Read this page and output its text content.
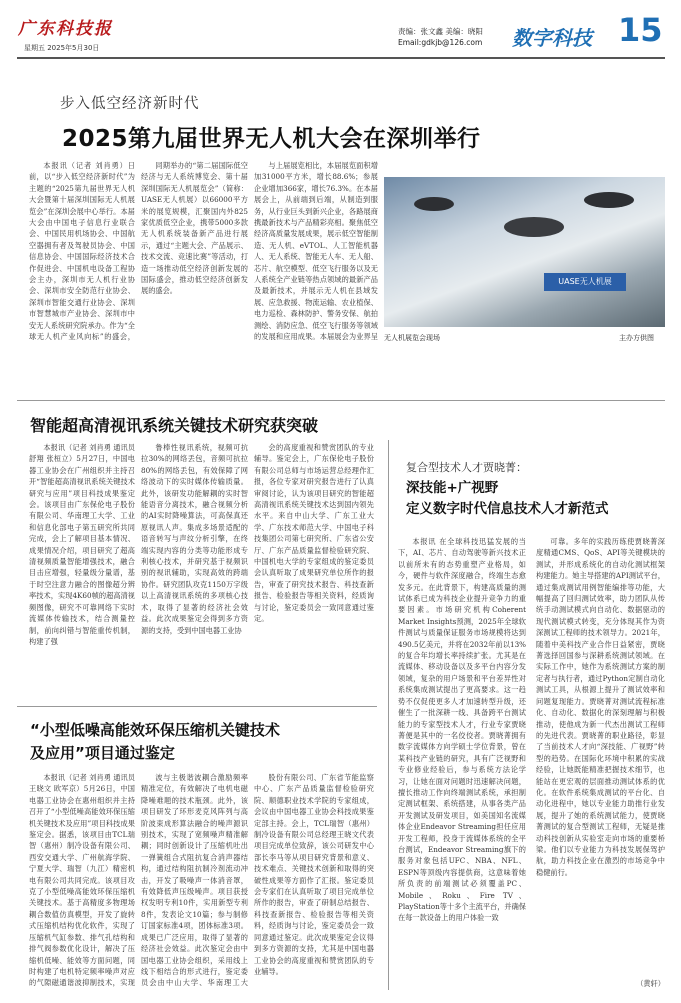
广东科技报
星期五 2025年5月30日
责编：张文鑫 美编：晓阳
Email:gdkjb@126.com 数字科技 15
步入低空经济新时代
2025第九届世界无人机大会在深圳举行

本报讯（记者 刘肖勇）日前，以“步入低空经济新时代”为主题的“2025第九届世界无人机大会暨第十届深圳国际无人机展览会”在深圳会展中心举行。本届大会由中国电子信息行业联合会、中国民用机场协会、中国航空器拥有者及驾驶员协会、中国信息协会、中国国际经济技术合作促进会、中国机电设备工程协会主办，深圳市无人机行业协会、深圳市安全防范行业协会、深圳市智能交通行业协会、深圳市智慧城市产业协会、深圳市中安无人系统研究院承办。作为“全球无人机产业风向标”的盛会，

同期举办的“第二届国际低空经济与无人系统博览会、第十届深圳国际无人机展览会”（简称：UASE无人机展）以66000平方米的展览规模，汇聚国内外825家优质低空企业，携带5000多款无人机系统装备新产品进行展示，通过“主题大会、产品展示、技术交流、竞速比赛”等活动，打造一场推动低空经济创新发展的国际盛会，推动低空经济创新发展的盛会。

与上届展览相比，本届展览面积增加31000平方米，增长88.6%；参展企业增加366家，增长76.3%。在本届展会上，从前端到后端，从制造到服务，从行业巨头到新兴企业，各路展商携最新技术与产品精彩亮相。聚焦低空经济高质量发展成果，展示低空智能制造、无人机、eVTOL、人工智能机器人、无人系统、智能无人车、无人船、芯片、航空模型、低空飞行服务以及无人系统全产业链等热点领域的最新产品及最新技术，并展示无人机在县域发展、应急救援、物流运输、农业植保、电力巡检、森林防护、警务安保、航拍测绘、消防应急、低空飞行服务等领域的发展和应用成果。本届展会为业界呈

UASE无人机展
无人机展览会现场	主办方供图
智能超高清视讯系统关键技术研究获突破

本报讯（记者 刘肖勇 通讯员 舒翔 张桓立）5月27日，中国电器工业协会在广州组织并主持召开“智能超高清视讯系统关键技术研究与应用”项目科技成果鉴定会。该项目由广东保伦电子股份有限公司、华南理工大学、工业和信息化部电子第五研究所共同完成，会上了解项目基本情况、成果情况介绍，项目研究了超高清视频质量智能增强技术，融合目击应增强，轻量级分量谱，基于时空注意力融合的图像超分辨率技术，实现4K60帧的超高清视频图像，研究不可靠网络下实时流媒体传输技术，结合测量控制，前向纠错与智能重传机制，构建了强

鲁棒性视讯系统，视频可抗拉30%的网络丢包，音频可抗拉80%的网络丢包，有效保障了网络波动下的实时媒体传输质量。此外，该研发功能解耦的实时智能语音分离技术，融合视频分析的AI实时降噪算法，可高保真还原视讯人声。集成多场景适配的语音转写与声纹分析引擎，在终端实现内容的分类等功能形成专利核心技术，并研究基于视频识别的视讯辅助，实现高效的跨端协作。研究团队攻克1150万字级以上高清视讯系统的多项核心技术，取得了显著的经济社会效益。此次成果鉴定会得到多方资源的支持，受到中国电器工业协

会的高度重视和赞赏团队的专业辅导。鉴定会上，广东保伦电子股份有限公司总师与市场运营总经理作汇报，各位专家对研究报告进行了认真审阅讨论，认为该项目研究的智能超高清视讯系统关键技术达到国内领先水平。来自中山大学、广东工业大学、广东技术师范大学、中国电子科技集团公司第七研究所、广东省公安厅、广东产品质量监督检验研究院、中国机电大学的专家组成的鉴定委员会认真听取了成果研究单位所作的报告，审查了研究技术报告、科技查新报告、检验报告等相关资料，经质询与讨论，鉴定委员会一致同意通过鉴定。

复合型技术人才贾晓菁：
深技能+广视野
定义数字时代信息技术人才新范式

本报讯 在全球科技迅猛发展的当下，AI、芯片、自动驾驶等新兴技术正以前所未有的态势重塑产业格局，如今，硬件与软件深度融合，终端生态愈发多元。在此背景下，构建高质量的测试体系已成为科技企业提升竞争力的重要因素。市场研究机构Coherent Market Insights预测，2025年全球软件测试与质量保证服务市场规模将达到490.5亿美元，并将在2032年前以13%的复合年均增长率持续扩张。尤其是在流媒体、移动设备以及多平台内容分发领域，复杂的用户场景和平台差异性对系统集成测试提出了更高要求。这一趋势不仅促使更多人才加速转型升级，还催生了一批深耕一线、具备跨平台测试能力的专家型技术人才，行业专家贾晓菁便是其中的一名佼佼者。贾晓菁拥有数字流媒体方向学硕士学位背景，曾在某科技产业链的研究，具有广泛视野和专业修业经验后，参与系统方法论学习，让她在面对问题时迅速解决问题，擅长推动工作向终端测试系统，承担制定测试框架、系统搭建，从事各类产品开发测试及研发项目，如美国知名流媒体企业Endeavor Streaming担任应用开发工程师，投身于流媒体系统的全平台测试，Endeavor Streaming旗下的服务对象包括UFC、NBA、NFL、ESPN等顶级内容提供商，这意味着她所负责的前端测试必须覆盖PC、Mobile、Roku、Fire TV、PlayStation等十多个主流平台，并确保在每一款设备上的用户体验一致

可靠。多年的实践历练使贾晓菁深度精通CMS、QoS、API等关键模块的测试，并形成系统化的自动化测试框架构建能力。她主导搭建的API测试平台，通过集成测试用例智能编排等功能，大幅提高了回归测试效率，助力团队从传统手动测试模式向自动化、数据驱动的现代测试模式转变，充分体现其作为资深测试工程师的技术领导力。2021年，随着中美科技产业合作日益紧密，贾晓菁选择回国参与深耕系统测试领域。在实际工作中，她作为系统测试方案的制定者与执行者，通过Python定制自动化测试工具，从根源上提升了测试效率和问题复现能力。贾晓菁对测试流程标准化、自动化、数据化的深刻理解与积极推动，使他成为新一代杰出测试工程师的先进代表。贾晓菁的职业路径，彰显了当前技术人才向“深技能、广视野”转型的趋势。在国际化环境中积累的实战经验，让她既能精准把握技术细节，也能站在更宏观的层面推动测试体系的优化。在软件系统集成测试的平台化、自动化进程中，她以专业能力助推行业发展，提升了她的系统测试能力，使贾晓菁测试的复合型测试工程师，无疑是推动科技创新从实验室走向市场的重要桥梁。他们以专业能力为科技发展保驾护航，助力科技企业在激烈的市场竞争中稳健前行。

（黄轩）
“小型低噪高能效环保压缩机关键技术
及应用”项目通过鉴定

本报讯（记者 刘肖勇 通讯员 王晓文 欧军京）5月26日，中国电器工业协会在惠州组织并主持召开了“小型低噪高能效环保压缩机关键技术及应用”项目科技成果鉴定会。据悉，该项目由TCL瑞智（惠州）制冷设备有限公司、西安交通大学、广州航海学院、宁夏大学、瑞智（九江）精密机电有限公司共同完成。该项目攻克了小型低噪高能效环保压缩机关键技术。基于高精度多物理场耦合数值仿真模型，开发了旋转式压缩机结构优化软件，实现了压缩机气缸参数、排气孔结构和排气阀参数优化设计，解决了压缩机低噪、能效等方面问题，同时构建了电机特定频率噪声对应的气隙磁通谐波抑制技术，实现

波与主极谐波耦合激励频率精准定位，有效解决了电机电磁降噪难题的技术瓶颈。此外，该项目研发了环形麦克风阵列与高阶波束成形算法融合的噪声源识别技术，实现了宽频噪声精准解耦；同时创新设计了压缩机吐出一弹簧组合式阻抗复合消声器结构，通过结构阻抗制冷剂流动冲击，开发了吸噪声一体消音罩，有效降低声压级噪声。项目获授权发明专利10件，实用新型专利8件，发表论文10篇；参与制修订国家标准4项，团体标准3项。成果已广泛应用，取得了显著的经济社会效益。此次鉴定会由中国电器工业协会组织，采用线上线下相结合的形式进行，鉴定委员会由中山大学、华南理工大

股份有限公司、广东省节能监察中心、广东产品质量监督检验研究院、顺德职业技术学院的专家组成，会议由中国电器工业协会科技成果鉴定部主持。会上，TCL瑞智（惠州）制冷设备有限公司总经理王晓文代表项目完成单位致辞，该公司研发中心部长李马等从项目研究背景和意义、技术难点、关键技术创新和取得的突破性成果等方面作了汇报。鉴定委员会专家们在认真听取了项目完成单位所作的报告，审查了研制总结报告、科技查新报告、检验报告等相关资料，经质询与讨论，鉴定委员会一致同意通过鉴定。此次成果鉴定会议得到多方资源的支持，尤其是中国电器工业协会的高度重视和赞赏团队的专业辅导。
